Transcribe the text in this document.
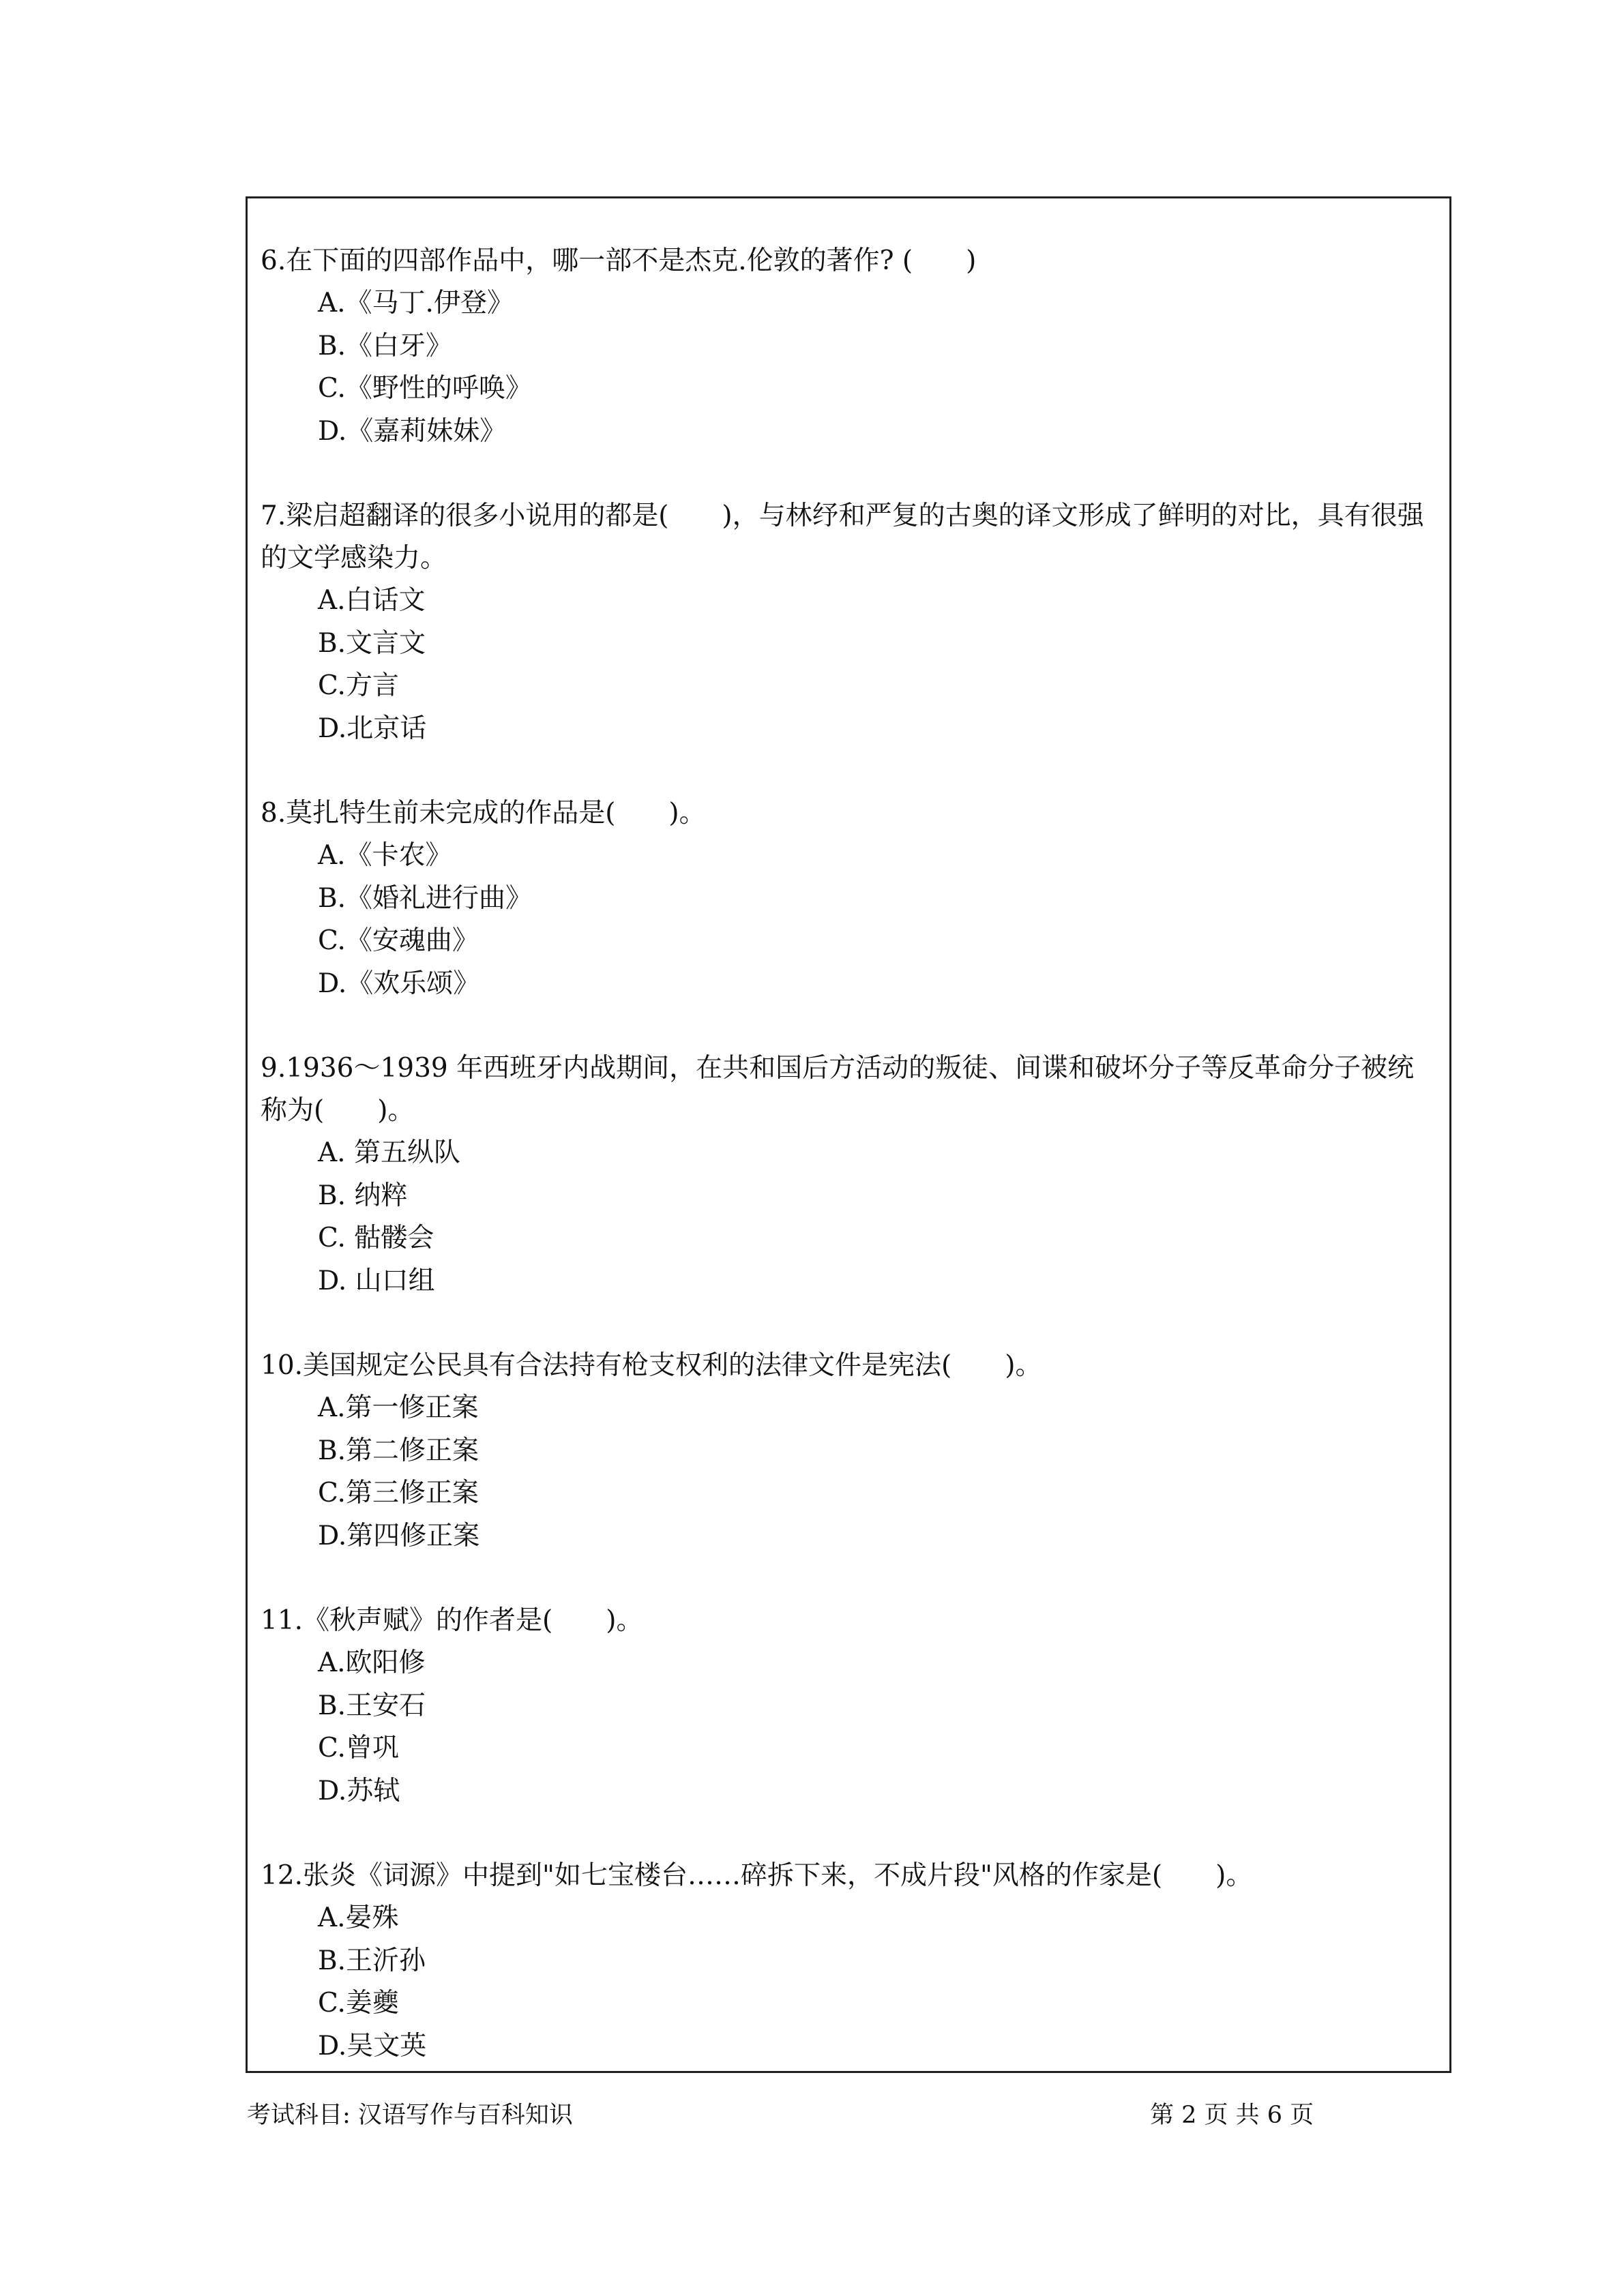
6.在下面的四部作品中，哪一部不是杰克.伦敦的著作? (　　)

A.《马丁.伊登》
B.《白牙》
C.《野性的呼唤》
D.《嘉莉妹妹》

7.梁启超翻译的很多小说用的都是(　　)，与林纾和严复的古奥的译文形成了鲜明的对比，具有很强的文学感染力。

A.白话文
B.文言文
C.方言
D.北京话

8.莫扎特生前未完成的作品是(　　)。

A.《卡农》
B.《婚礼进行曲》
C.《安魂曲》
D.《欢乐颂》

9.1936～1939 年西班牙内战期间，在共和国后方活动的叛徒、间谍和破坏分子等反革命分子被统称为(　　)。

A. 第五纵队
B. 纳粹
C. 骷髅会
D. 山口组

10.美国规定公民具有合法持有枪支权利的法律文件是宪法(　　)。

A.第一修正案
B.第二修正案
C.第三修正案
D.第四修正案

11.《秋声赋》的作者是(　　)。

A.欧阳修
B.王安石
C.曾巩
D.苏轼

12.张炎《词源》中提到"如七宝楼台……碎拆下来，不成片段"风格的作家是(　　)。

A.晏殊
B.王沂孙
C.姜夔
D.吴文英
考试科目: 汉语写作与百科知识	第 2 页 共 6 页
